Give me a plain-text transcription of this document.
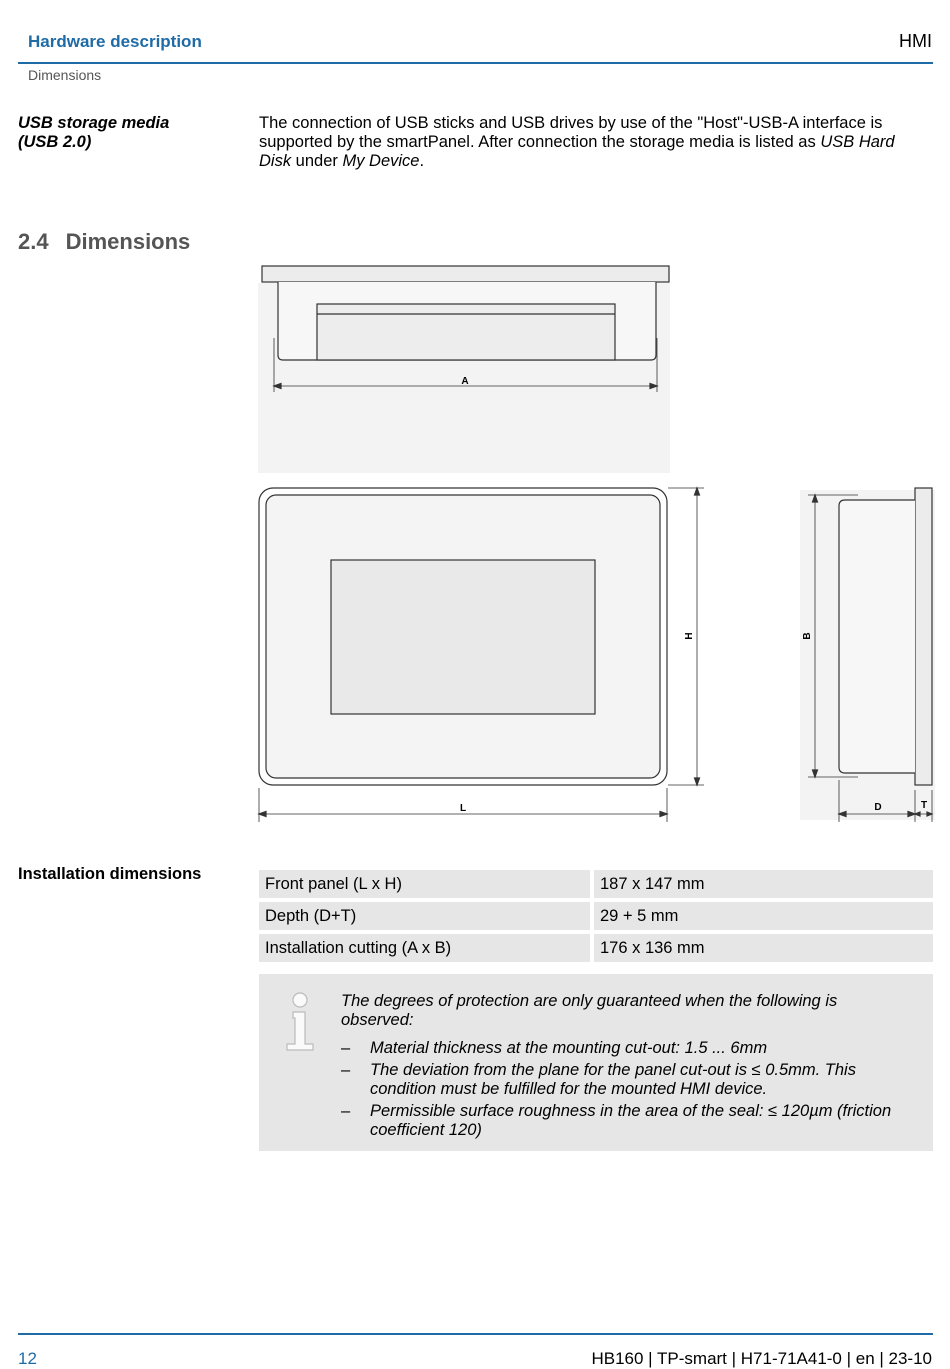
Hardware description	HMI
Dimensions
USB storage media
(USB 2.0)
The connection of USB sticks and USB drives by use of the "Host"-USB-A interface is supported by the smartPanel. After connection the storage media is listed as USB Hard Disk under My Device.
2.4 Dimensions
A
H
L
B
D	T
Installation dimensions
Front panel (L x H)	187 x 147 mm
Depth (D+T)	29 + 5 mm
Installation cutting (A x B)	176 x 136 mm
The degrees of protection are only guaranteed when the following is observed:
– Material thickness at the mounting cut-out: 1.5 ... 6mm
– The deviation from the plane for the panel cut-out is ≤ 0.5mm. This condition must be fulfilled for the mounted HMI device.
– Permissible surface roughness in the area of the seal: ≤ 120µm (friction coefficient 120)
12	HB160 | TP-smart | H71-71A41-0 | en | 23-10
